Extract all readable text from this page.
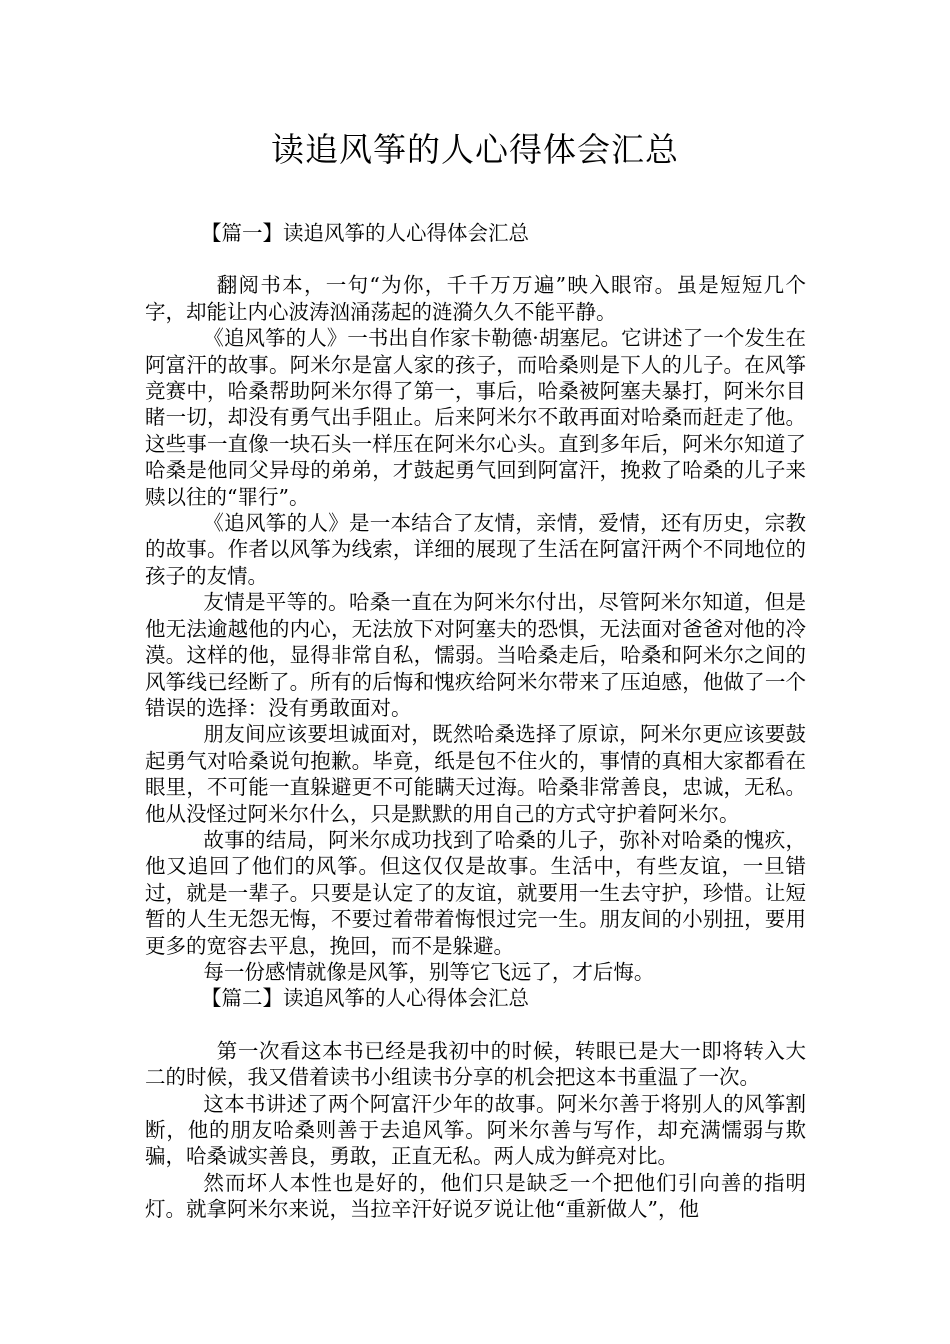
读追风筝的人心得体会汇总
【篇一】读追风筝的人心得体会汇总

翻阅书本，一句“为你，千千万万遍”映入眼帘。虽是短短几个字，却能让内心波涛汹涌荡起的涟漪久久不能平静。

《追风筝的人》一书出自作家卡勒德·胡塞尼。它讲述了一个发生在阿富汗的故事。阿米尔是富人家的孩子，而哈桑则是下人的儿子。在风筝竞赛中，哈桑帮助阿米尔得了第一，事后，哈桑被阿塞夫暴打，阿米尔目睹一切，却没有勇气出手阻止。后来阿米尔不敢再面对哈桑而赶走了他。这些事一直像一块石头一样压在阿米尔心头。直到多年后，阿米尔知道了哈桑是他同父异母的弟弟，才鼓起勇气回到阿富汗，挽救了哈桑的儿子来赎以往的“罪行”。

《追风筝的人》是一本结合了友情，亲情，爱情，还有历史，宗教的故事。作者以风筝为线索，详细的展现了生活在阿富汗两个不同地位的孩子的友情。

友情是平等的。哈桑一直在为阿米尔付出，尽管阿米尔知道，但是他无法逾越他的内心，无法放下对阿塞夫的恐惧，无法面对爸爸对他的冷漠。这样的他，显得非常自私，懦弱。当哈桑走后，哈桑和阿米尔之间的风筝线已经断了。所有的后悔和愧疚给阿米尔带来了压迫感，他做了一个错误的选择：没有勇敢面对。

朋友间应该要坦诚面对，既然哈桑选择了原谅，阿米尔更应该要鼓起勇气对哈桑说句抱歉。毕竟，纸是包不住火的，事情的真相大家都看在眼里，不可能一直躲避更不可能瞒天过海。哈桑非常善良，忠诚，无私。他从没怪过阿米尔什么，只是默默的用自己的方式守护着阿米尔。

故事的结局，阿米尔成功找到了哈桑的儿子，弥补对哈桑的愧疚，他又追回了他们的风筝。但这仅仅是故事。生活中，有些友谊，一旦错过，就是一辈子。只要是认定了的友谊，就要用一生去守护，珍惜。让短暂的人生无怨无悔，不要过着带着悔恨过完一生。朋友间的小别扭，要用更多的宽容去平息，挽回，而不是躲避。

每一份感情就像是风筝，别等它飞远了，才后悔。

【篇二】读追风筝的人心得体会汇总

第一次看这本书已经是我初中的时候，转眼已是大一即将转入大二的时候，我又借着读书小组读书分享的机会把这本书重温了一次。

这本书讲述了两个阿富汗少年的故事。阿米尔善于将别人的风筝割断，他的朋友哈桑则善于去追风筝。阿米尔善与写作，却充满懦弱与欺骗，哈桑诚实善良，勇敢，正直无私。两人成为鲜亮对比。

然而坏人本性也是好的，他们只是缺乏一个把他们引向善的指明灯。就拿阿米尔来说，当拉辛汗好说歹说让他“重新做人”，他
